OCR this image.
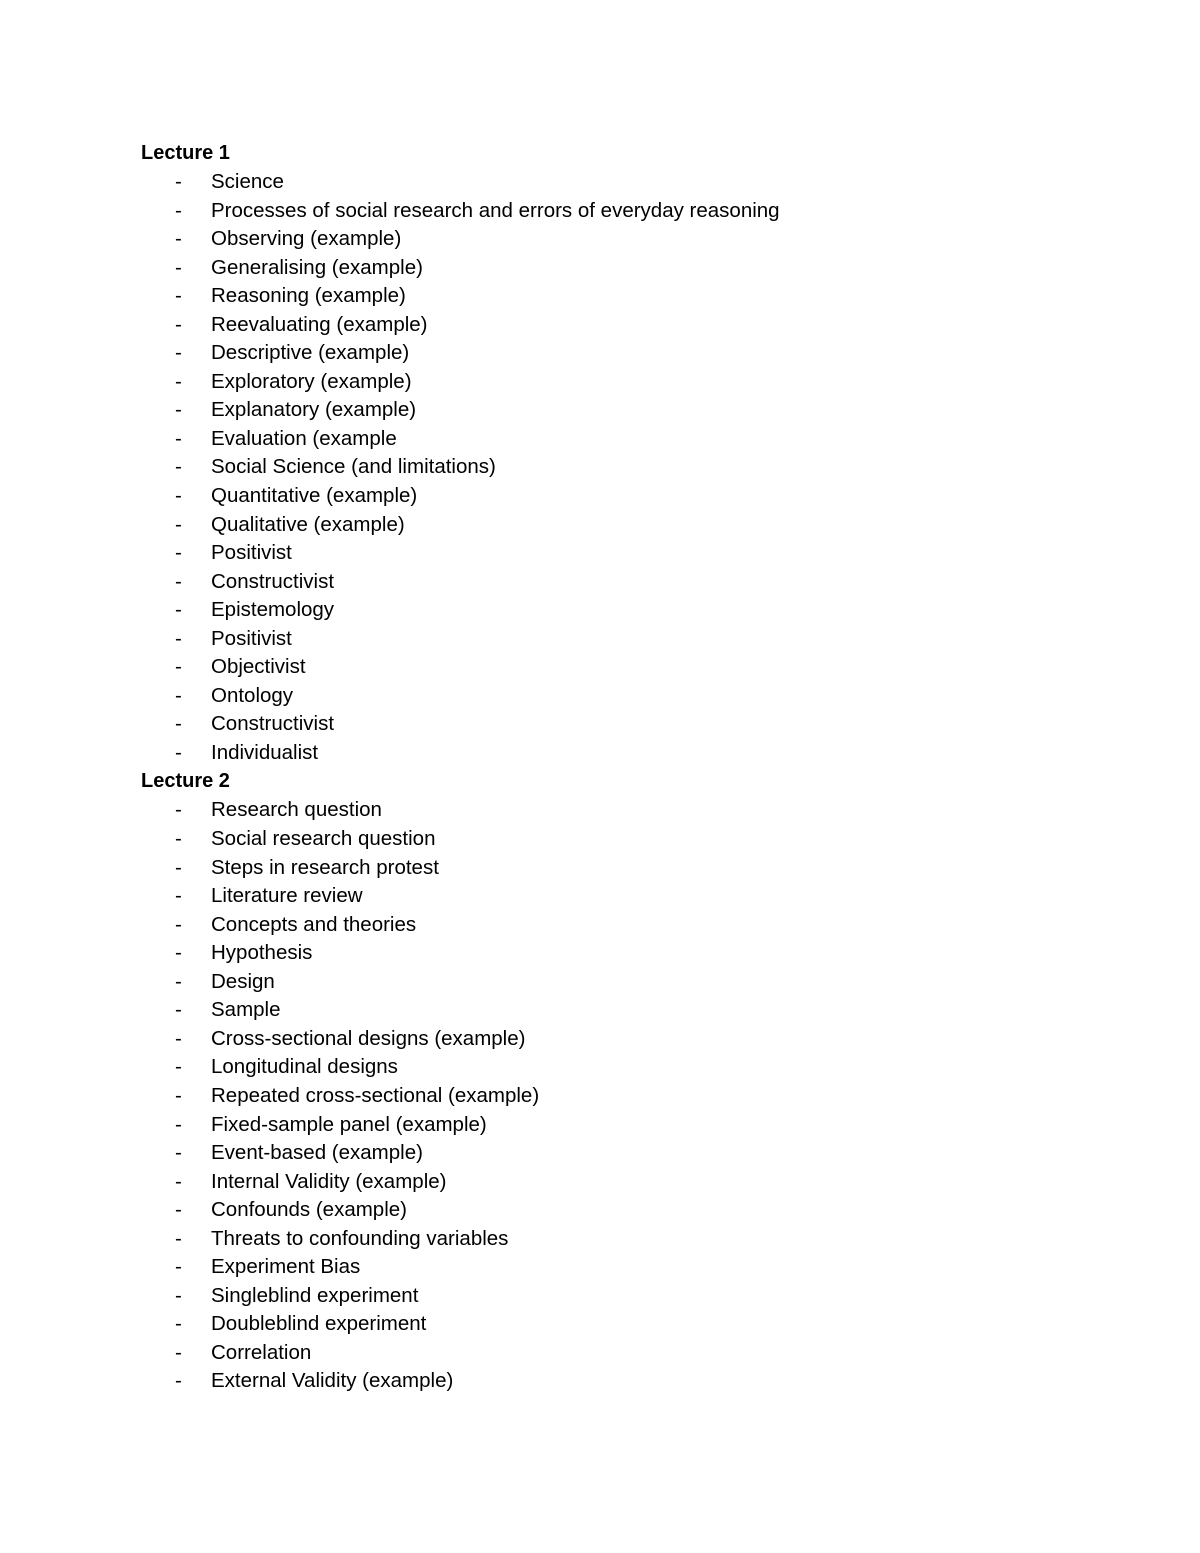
Lecture 1
- Science
- Processes of social research and errors of everyday reasoning
- Observing (example)
- Generalising (example)
- Reasoning (example)
- Reevaluating (example)
- Descriptive (example)
- Exploratory (example)
- Explanatory (example)
- Evaluation (example
- Social Science (and limitations)
- Quantitative (example)
- Qualitative (example)
- Positivist
- Constructivist
- Epistemology
- Positivist
- Objectivist
- Ontology
- Constructivist
- Individualist
Lecture 2
- Research question
- Social research question
- Steps in research protest
- Literature review
- Concepts and theories
- Hypothesis
- Design
- Sample
- Cross-sectional designs (example)
- Longitudinal designs
- Repeated cross-sectional (example)
- Fixed-sample panel (example)
- Event-based (example)
- Internal Validity (example)
- Confounds (example)
- Threats to confounding variables
- Experiment Bias
- Singleblind experiment
- Doubleblind experiment
- Correlation
- External Validity (example)
